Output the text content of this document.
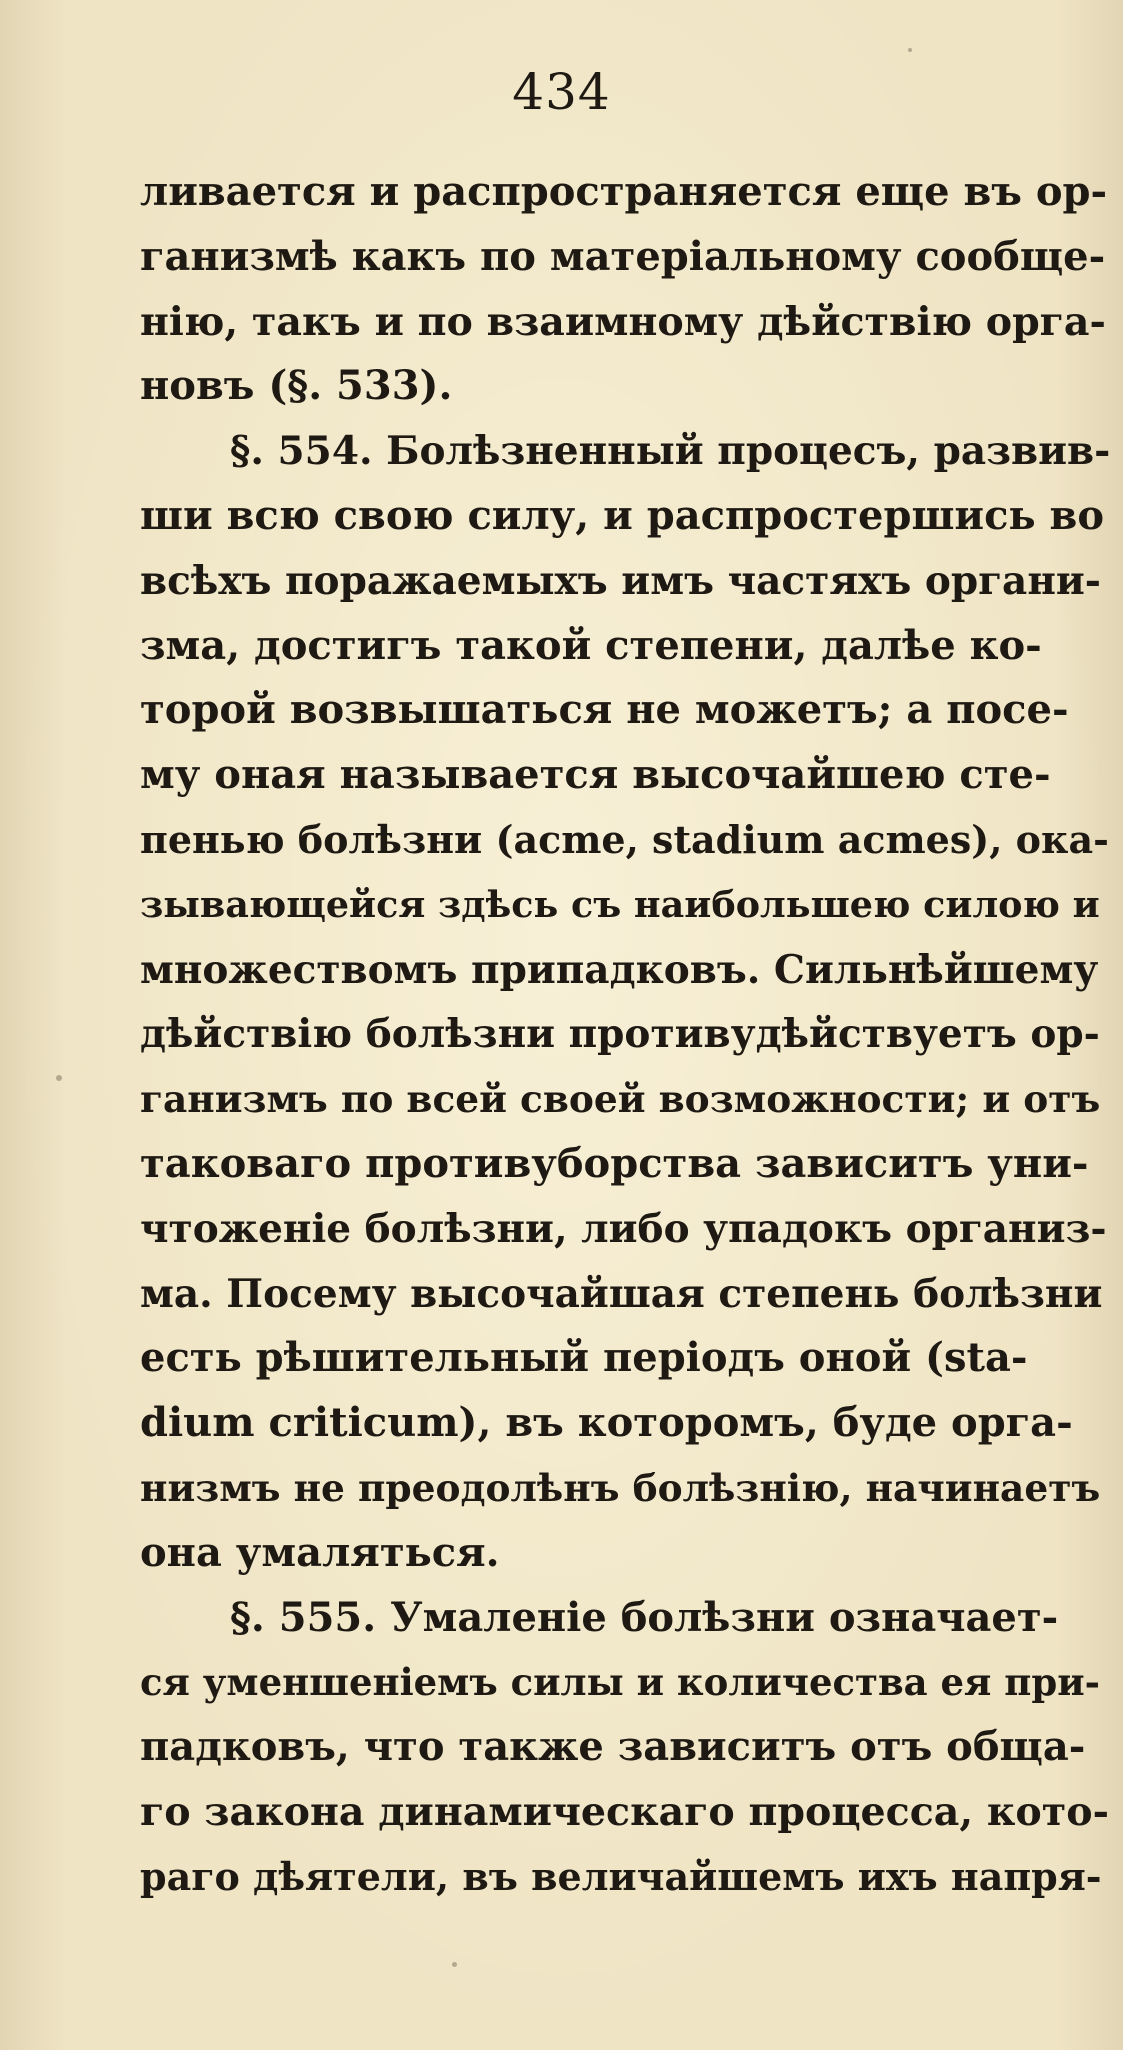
434
ливается и распространяется еще въ ор-
ганизмѣ какъ по матеріальному сообще-
нію, такъ и по взаимному дѣйствію орга-
новъ (§. 533).
§. 554. Болѣзненный процесъ, развив-
ши всю свою силу, и распростершись во
всѣхъ поражаемыхъ имъ частяхъ органи-
зма, достигъ такой степени, далѣе ко-
торой возвышаться не можетъ; а посе-
му оная называется высочайшею сте-
пенью болѣзни (acme, stadium acmes), ока-
зывающейся здѣсь съ наибольшею силою и
множествомъ припадковъ. Сильнѣйшему
дѣйствію болѣзни противудѣйствуетъ ор-
ганизмъ по всей своей возможности; и отъ
таковаго противуборства зависитъ уни-
чтоженіе болѣзни, либо упадокъ организ-
ма. Посему высочайшая степень болѣзни
есть рѣшительный періодъ оной (sta-
dium criticum), въ которомъ, буде орга-
низмъ не преодолѣнъ болѣзнію, начинаетъ
она умаляться.
§. 555. Умаленіе болѣзни означает-
ся уменшеніемъ силы и количества ея при-
падковъ, что также зависитъ отъ общa-
го закона динамическаго процесса, кото-
раго дѣятели, въ величайшемъ ихъ напря-
